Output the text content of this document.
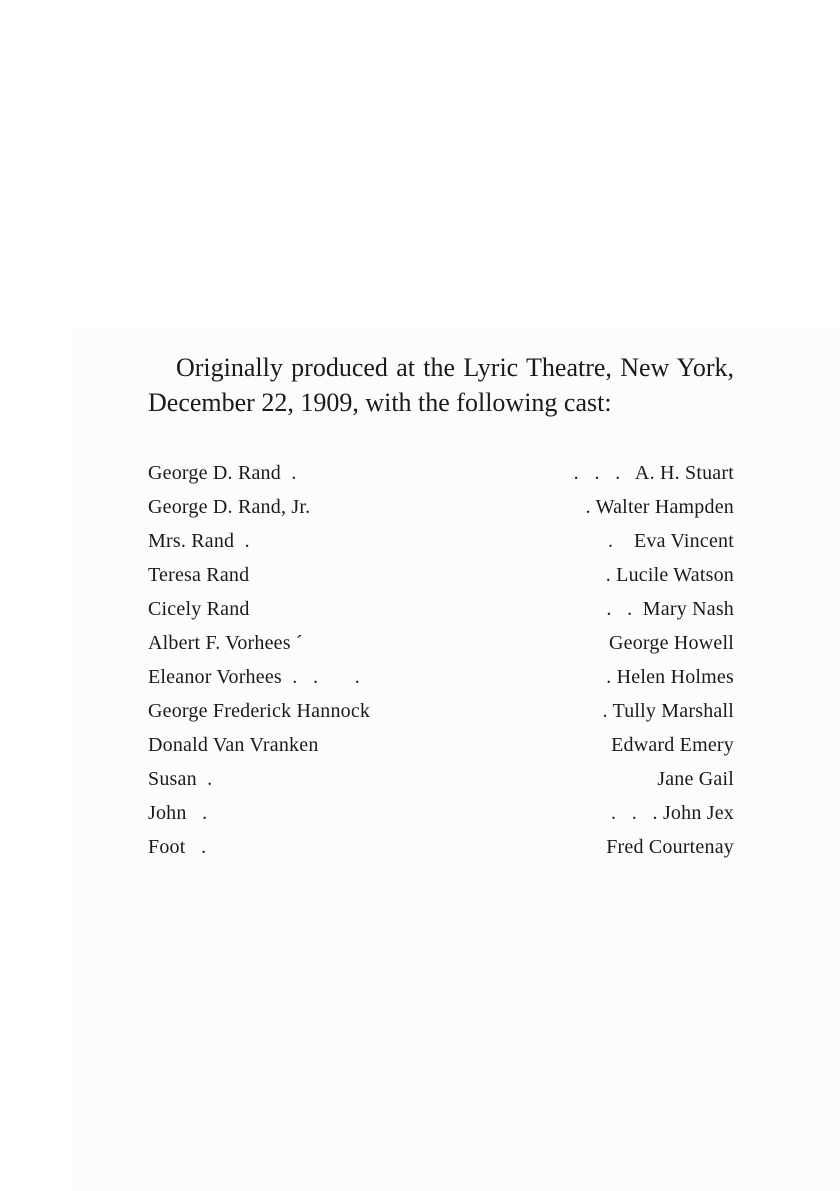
Originally produced at the Lyric Theatre, New York, December 22, 1909, with the following cast:

George D. Rand  .	.   .   .   A. H. Stuart
George D. Rand, Jr.	. Walter Hampden
Mrs. Rand  .	.    Eva Vincent
Teresa Rand	. Lucile Watson
Cicely Rand	.   .  Mary Nash
Albert F. Vorhees ´	George Howell
Eleanor Vorhees  .   .       .	. Helen Holmes
George Frederick Hannock	. Tully Marshall
Donald Van Vranken	Edward Emery
Susan  .	Jane Gail
John   .	.   .   . John Jex
Foot   .	Fred Courtenay
